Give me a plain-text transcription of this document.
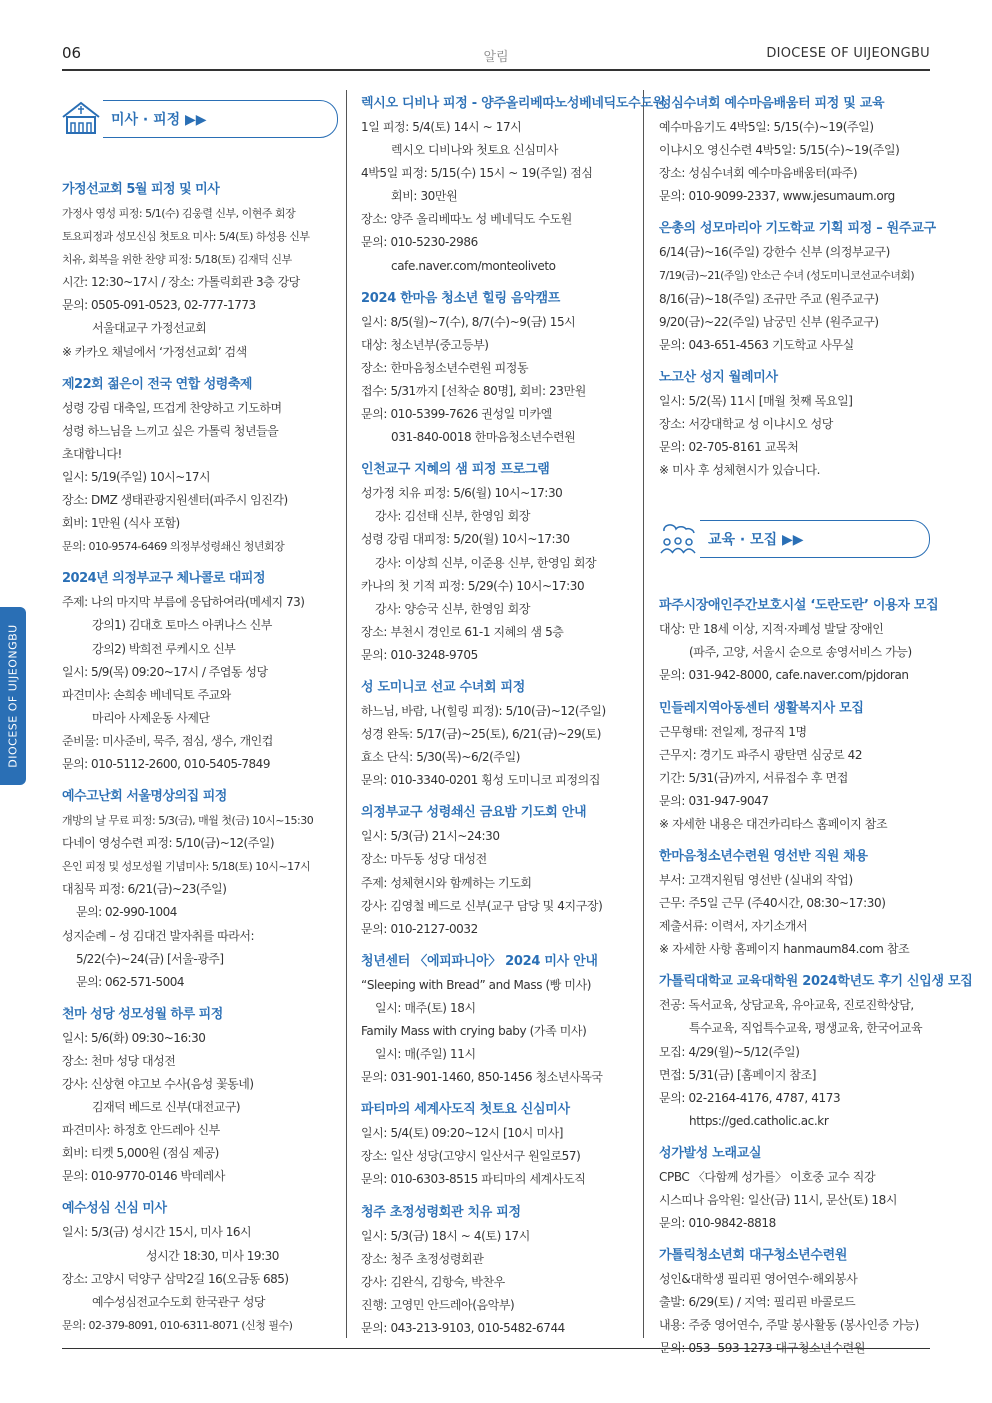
06	알림	DIOCESE OF UIJEONGBU
DIOCESE OF UIJEONGBU
미사 · 피정 ▶▶
가정선교회 5월 피정 및 미사
가정사 영성 피정: 5/1(수) 김웅렬 신부, 이현주 회장
토요피정과 성모신심 첫토요 미사: 5/4(토) 하성용 신부
치유, 회복을 위한 찬양 피정: 5/18(토) 김재덕 신부
시간: 12:30~17시 / 장소: 가톨릭회관 3층 강당
문의: 0505-091-0523, 02-777-1773
서울대교구 가정선교회
※ 카카오 채널에서 ‘가정선교회’ 검색
제22회 젊은이 전국 연합 성령축제
성령 강림 대축일, 뜨겁게 찬양하고 기도하며
성령 하느님을 느끼고 싶은 가톨릭 청년들을
초대합니다!
일시: 5/19(주일) 10시~17시
장소: DMZ 생태관광지원센터(파주시 임진각)
회비: 1만원 (식사 포함)
문의: 010-9574-6469 의정부성령쇄신 청년회장
2024년 의정부교구 체나콜로 대피정
주제: 나의 마지막 부름에 응답하여라(메세지 73)
강의1) 김대호 토마스 아퀴나스 신부
강의2) 박희전 루케시오 신부
일시: 5/9(목) 09:20~17시 / 주엽동 성당
파견미사: 손희송 베네딕토 주교와
마리아 사제운동 사제단
준비물: 미사준비, 묵주, 점심, 생수, 개인컵
문의: 010-5112-2600, 010-5405-7849
예수고난회 서울명상의집 피정
개방의 날 무료 피정: 5/3(금), 매월 첫(금) 10시~15:30
다네이 영성수련 피정: 5/10(금)~12(주일)
은인 피정 및 성모성월 기념미사: 5/18(토) 10시~17시
대침묵 피정: 6/21(금)~23(주일)
문의: 02-990-1004
성지순례 – 성 김대건 발자취를 따라서:
5/22(수)~24(금) [서울-광주]
문의: 062-571-5004
천마 성당 성모성월 하루 피정
일시: 5/6(화) 09:30~16:30
장소: 천마 성당 대성전
강사: 신상현 야고보 수사(음성 꽃동네)
김재덕 베드로 신부(대전교구)
파견미사: 하정호 안드레아 신부
회비: 티켓 5,000원 (점심 제공)
문의: 010-9770-0146 박데레사
예수성심 신심 미사
일시: 5/3(금) 성시간 15시, 미사 16시
성시간 18:30, 미사 19:30
장소: 고양시 덕양구 삼막2길 16(오금동 685)
예수성심전교수도회 한국관구 성당
문의: 02-379-8091, 010-6311-8071 (신청 필수)
렉시오 디비나 피정 - 양주올리베따노성베네딕도수도원
1일 피정: 5/4(토) 14시 ~ 17시
렉시오 디비나와 첫토요 신심미사
4박5일 피정: 5/15(수) 15시 ~ 19(주일) 점심
회비: 30만원
장소: 양주 올리베따노 성 베네딕도 수도원
문의: 010-5230-2986
cafe.naver.com/monteoliveto
2024 한마음 청소년 힐링 음악캠프
일시: 8/5(월)~7(수), 8/7(수)~9(금) 15시
대상: 청소년부(중고등부)
장소: 한마음청소년수련원 피정동
접수: 5/31까지 [선착순 80명], 회비: 23만원
문의: 010-5399-7626 권성일 미카엘
031-840-0018 한마음청소년수련원
인천교구 지혜의 샘 피정 프로그램
성가정 치유 피정: 5/6(월) 10시~17:30
강사: 김선태 신부, 한영임 회장
성령 강림 대피정: 5/20(월) 10시~17:30
강사: 이상희 신부, 이준용 신부, 한영임 회장
카나의 첫 기적 피정: 5/29(수) 10시~17:30
강사: 양승국 신부, 한영임 회장
장소: 부천시 경인로 61-1 지혜의 샘 5층
문의: 010-3248-9705
성 도미니코 선교 수녀회 피정
하느님, 바람, 나(힐링 피정): 5/10(금)~12(주일)
성경 완독: 5/17(금)~25(토), 6/21(금)~29(토)
효소 단식: 5/30(목)~6/2(주일)
문의: 010-3340-0201 횡성 도미니코 피정의집
의정부교구 성령쇄신 금요밤 기도회 안내
일시: 5/3(금) 21시~24:30
장소: 마두동 성당 대성전
주제: 성체현시와 함께하는 기도회
강사: 김영철 베드로 신부(교구 담당 및 4지구장)
문의: 010-2127-0032
청년센터 〈에피파니아〉 2024 미사 안내
“Sleeping with Bread” and Mass (빵 미사)
일시: 매주(토) 18시
Family Mass with crying baby (가족 미사)
일시: 매(주일) 11시
문의: 031-901-1460, 850-1456 청소년사목국
파티마의 세계사도직 첫토요 신심미사
일시: 5/4(토) 09:20~12시 [10시 미사]
장소: 일산 성당(고양시 일산서구 원일로57)
문의: 010-6303-8515 파티마의 세계사도직
청주 초정성령회관 치유 피정
일시: 5/3(금) 18시 ~ 4(토) 17시
장소: 청주 초정성령회관
강사: 김완식, 김항숙, 박찬우
진행: 고영민 안드레아(음악부)
문의: 043-213-9103, 010-5482-6744
성심수녀회 예수마음배움터 피정 및 교육
예수마음기도 4박5일: 5/15(수)~19(주일)
이냐시오 영신수련 4박5일: 5/15(수)~19(주일)
장소: 성심수녀회 예수마음배움터(파주)
문의: 010-9099-2337, www.jesumaum.org
은총의 성모마리아 기도학교 기획 피정 – 원주교구
6/14(금)~16(주일) 강한수 신부 (의정부교구)
7/19(금)~21(주일) 안소근 수녀 (성도미니코선교수녀회)
8/16(금)~18(주일) 조규만 주교 (원주교구)
9/20(금)~22(주일) 남궁민 신부 (원주교구)
문의: 043-651-4563 기도학교 사무실
노고산 성지 월례미사
일시: 5/2(목) 11시 [매월 첫째 목요일]
장소: 서강대학교 성 이냐시오 성당
문의: 02-705-8161 교목처
※ 미사 후 성체현시가 있습니다.
교육 · 모집 ▶▶
파주시장애인주간보호시설 ‘도란도란’ 이용자 모집
대상: 만 18세 이상, 지적·자폐성 발달 장애인
(파주, 고양, 서울시 순으로 송영서비스 가능)
문의: 031-942-8000, cafe.naver.com/pjdoran
민들레지역아동센터 생활복지사 모집
근무형태: 전일제, 정규직 1명
근무지: 경기도 파주시 광탄면 심궁로 42
기간: 5/31(금)까지, 서류접수 후 면접
문의: 031-947-9047
※ 자세한 내용은 대건카리타스 홈페이지 참조
한마음청소년수련원 영선반 직원 채용
부서: 고객지원팀 영선반 (실내외 작업)
근무: 주5일 근무 (주40시간, 08:30~17:30)
제출서류: 이력서, 자기소개서
※ 자세한 사항 홈페이지 hanmaum84.com 참조
가톨릭대학교 교육대학원 2024학년도 후기 신입생 모집
전공: 독서교육, 상담교육, 유아교육, 진로진학상담,
특수교육, 직업특수교육, 평생교육, 한국어교육
모집: 4/29(월)~5/12(주일)
면접: 5/31(금) [홈페이지 참조]
문의: 02-2164-4176, 4787, 4173
https://ged.catholic.ac.kr
성가발성 노래교실
CPBC 〈다함께 성가를〉 이호중 교수 직강
시스띠나 음악원: 일산(금) 11시, 문산(토) 18시
문의: 010-9842-8818
가톨릭청소년회 대구청소년수련원
성인&대학생 필리핀 영어연수·해외봉사
출발: 6/29(토) / 지역: 필리핀 바콜로드
내용: 주중 영어연수, 주말 봉사활동 (봉사인증 가능)
문의: 053- 593-1273 대구청소년수련원
